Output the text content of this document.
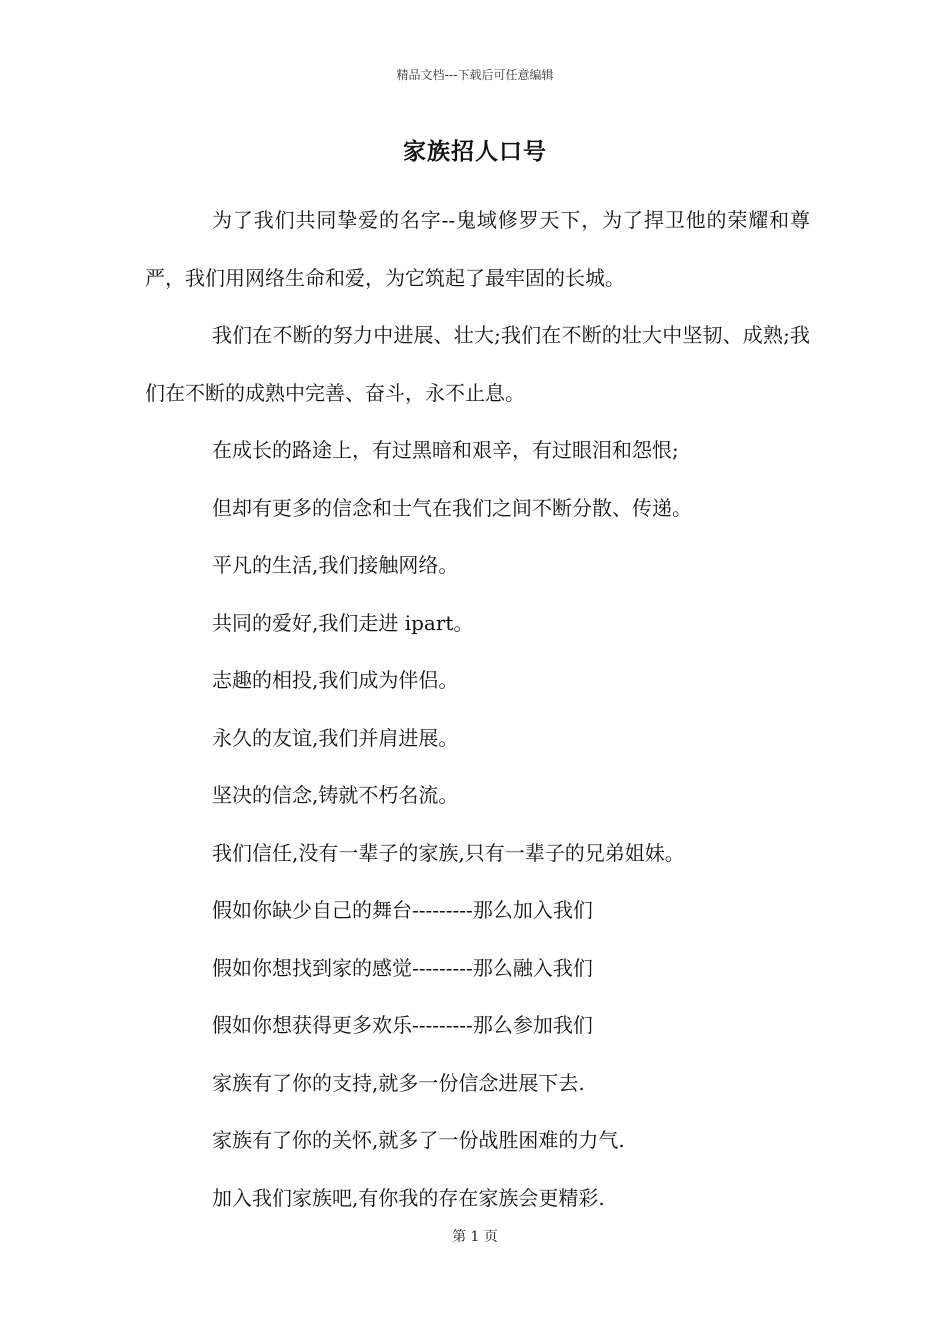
精品文档---下载后可任意编辑
家族招人口号

为了我们共同挚爱的名字--鬼域修罗天下，为了捍卫他的荣耀和尊严，我们用网络生命和爱，为它筑起了最牢固的长城。

我们在不断的努力中进展、壮大;我们在不断的壮大中坚韧、成熟;我们在不断的成熟中完善、奋斗，永不止息。

在成长的路途上，有过黑暗和艰辛，有过眼泪和怨恨;

但却有更多的信念和士气在我们之间不断分散、传递。

平凡的生活,我们接触网络。

共同的爱好,我们走进 ipart。

志趣的相投,我们成为伴侣。

永久的友谊,我们并肩进展。

坚决的信念,铸就不朽名流。

我们信任,没有一辈子的家族,只有一辈子的兄弟姐妹。

假如你缺少自己的舞台---------那么加入我们

假如你想找到家的感觉---------那么融入我们

假如你想获得更多欢乐---------那么参加我们

家族有了你的支持,就多一份信念进展下去.

家族有了你的关怀,就多了一份战胜困难的力气.

加入我们家族吧,有你我的存在家族会更精彩.

第 1 页
